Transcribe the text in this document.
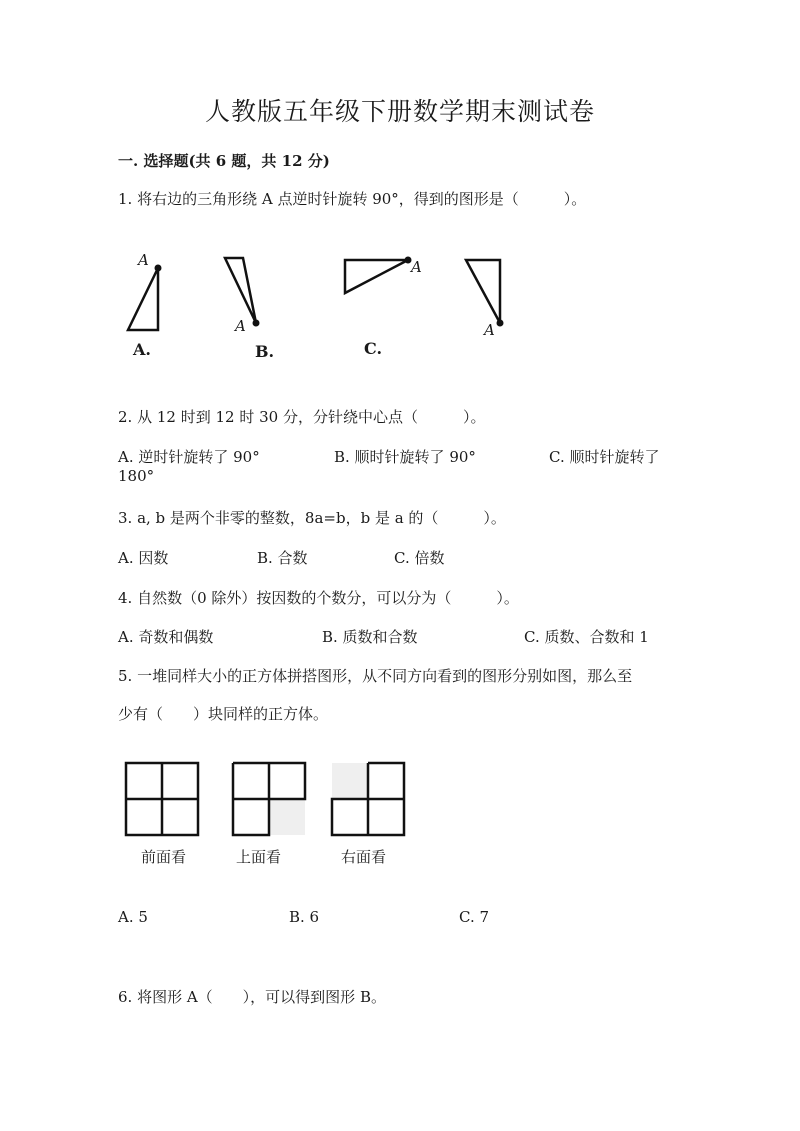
人教版五年级下册数学期末测试卷
一. 选择题(共 6 题，共 12 分)
1. 将右边的三角形绕 A 点逆时针旋转 90°，得到的图形是（　　　）。
A
A
A
A
A.	B.	C.
2. 从 12 时到 12 时 30 分，分针绕中心点（　　　）。
A. 逆时针旋转了 90°	B. 顺时针旋转了 90°	C. 顺时针旋转了
180°
3. a, b 是两个非零的整数，8a=b，b 是 a 的（　　　）。
A. 因数	B. 合数	C. 倍数
4. 自然数（0 除外）按因数的个数分，可以分为（　　　）。
A. 奇数和偶数	B. 质数和合数	C. 质数、合数和 1
5. 一堆同样大小的正方体拼搭图形，从不同方向看到的图形分别如图，那么至
少有（　　）块同样的正方体。
前面看	上面看	右面看
A. 5	B. 6	C. 7
6. 将图形 A（　　），可以得到图形 B。
